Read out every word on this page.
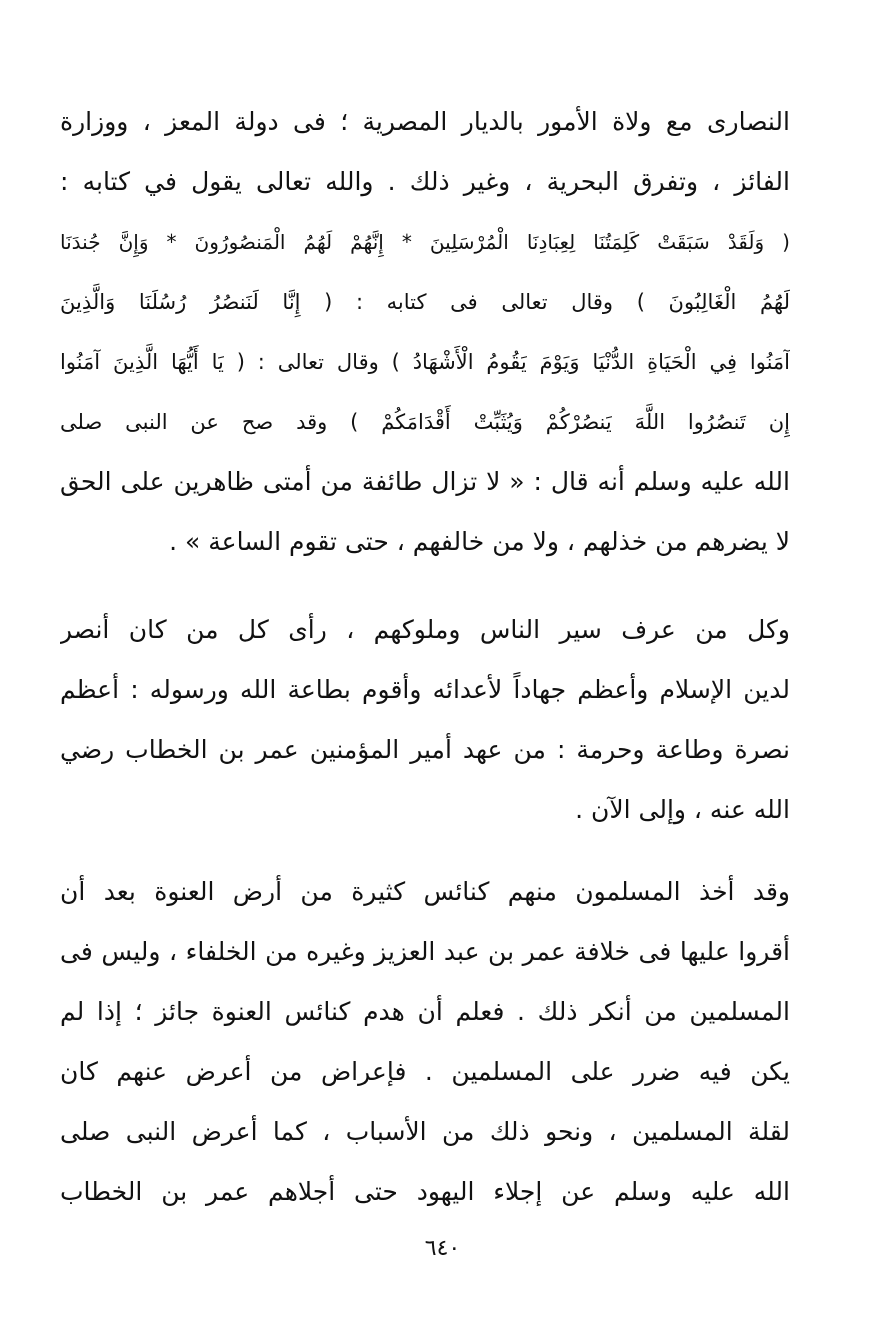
النصارى مع ولاة الأمور بالديار المصرية ؛ فى دولة المعز ، ووزارة
الفائز ، وتفرق البحرية ، وغير ذلك . والله تعالى يقول في كتابه :
( وَلَقَدْ سَبَقَتْ كَلِمَتُنَا لِعِبَادِنَا الْمُرْسَلِينَ * إِنَّهُمْ لَهُمُ الْمَنصُورُونَ * وَإِنَّ جُندَنَا
لَهُمُ الْغَالِبُونَ ) وقال تعالى فى كتابه : ( إِنَّا لَنَنصُرُ رُسُلَنَا وَالَّذِينَ
آمَنُوا فِي الْحَيَاةِ الدُّنْيَا وَيَوْمَ يَقُومُ الْأَشْهَادُ ) وقال تعالى : ( يَا أَيُّهَا الَّذِينَ آمَنُوا
إِن تَنصُرُوا اللَّهَ يَنصُرْكُمْ وَيُثَبِّتْ أَقْدَامَكُمْ ) وقد صح عن النبى صلى
الله عليه وسلم أنه قال : « لا تزال طائفة من أمتى ظاهرين على الحق
لا يضرهم من خذلهم ، ولا من خالفهم ، حتى تقوم الساعة » .
وكل من عرف سير الناس وملوكهم ، رأى كل من كان أنصر
لدين الإسلام وأعظم جهاداً لأعدائه وأقوم بطاعة الله ورسوله : أعظم
نصرة وطاعة وحرمة : من عهد أمير المؤمنين عمر بن الخطاب رضي
الله عنه ، وإلى الآن .
وقد أخذ المسلمون منهم كنائس كثيرة من أرض العنوة بعد أن
أقروا عليها فى خلافة عمر بن عبد العزيز وغيره من الخلفاء ، وليس فى
المسلمين من أنكر ذلك . فعلم أن هدم كنائس العنوة جائز ؛ إذا لم
يكن فيه ضرر على المسلمين . فإعراض من أعرض عنهم كان
لقلة المسلمين ، ونحو ذلك من الأسباب ، كما أعرض النبى صلى
الله عليه وسلم عن إجلاء اليهود حتى أجلاهم عمر بن الخطاب
٦٤٠
